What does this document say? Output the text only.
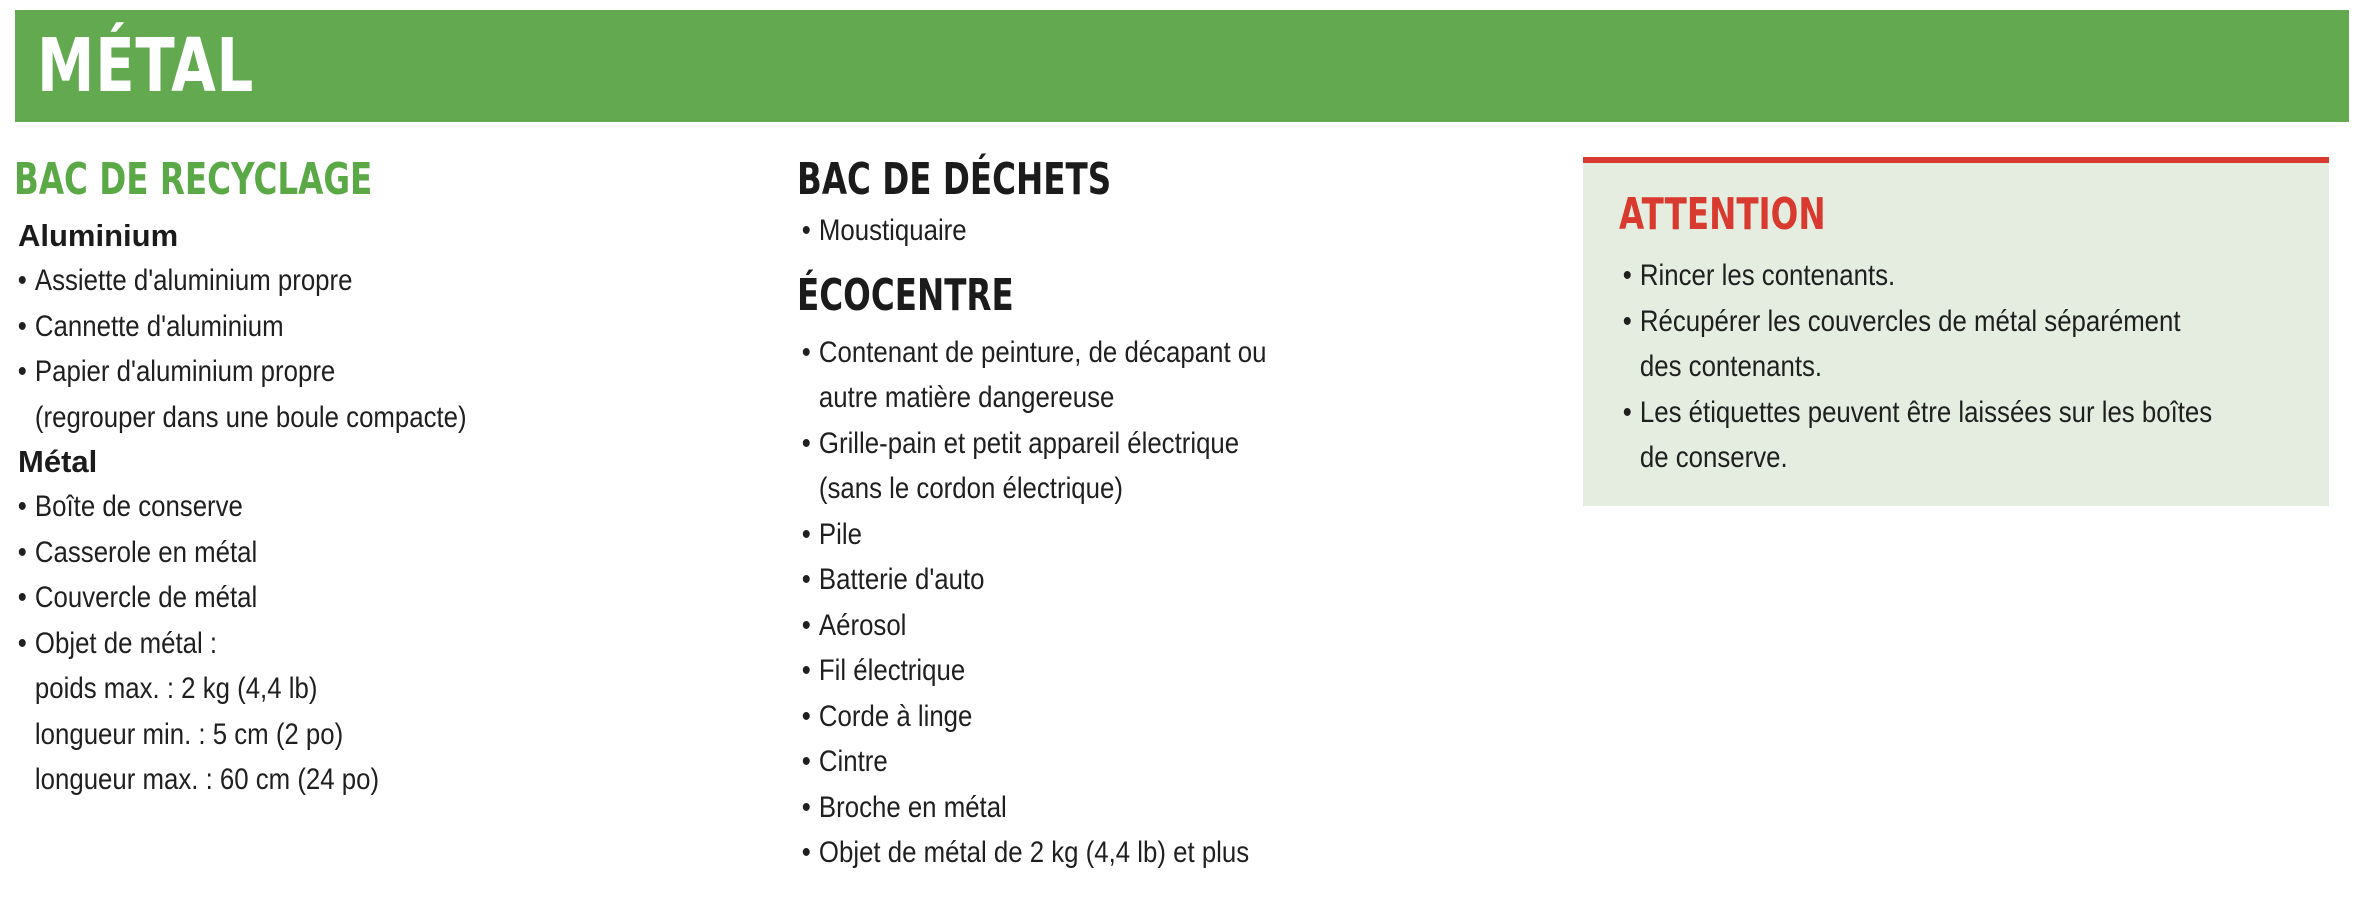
MÉTAL
BAC DE RECYCLAGE
Aluminium
• Assiette d'aluminium propre
• Cannette d'aluminium
• Papier d'aluminium propre
(regrouper dans une boule compacte)
Métal
• Boîte de conserve
• Casserole en métal
• Couvercle de métal
• Objet de métal :
poids max. : 2 kg (4,4 lb)
longueur min. : 5 cm (2 po)
longueur max. : 60 cm (24 po)
BAC DE DÉCHETS
• Moustiquaire
ÉCOCENTRE
• Contenant de peinture, de décapant ou
autre matière dangereuse
• Grille-pain et petit appareil électrique
(sans le cordon électrique)
• Pile
• Batterie d'auto
• Aérosol
• Fil électrique
• Corde à linge
• Cintre
• Broche en métal
• Objet de métal de 2 kg (4,4 lb) et plus
ATTENTION
• Rincer les contenants.
• Récupérer les couvercles de métal séparément
des contenants.
• Les étiquettes peuvent être laissées sur les boîtes
de conserve.
